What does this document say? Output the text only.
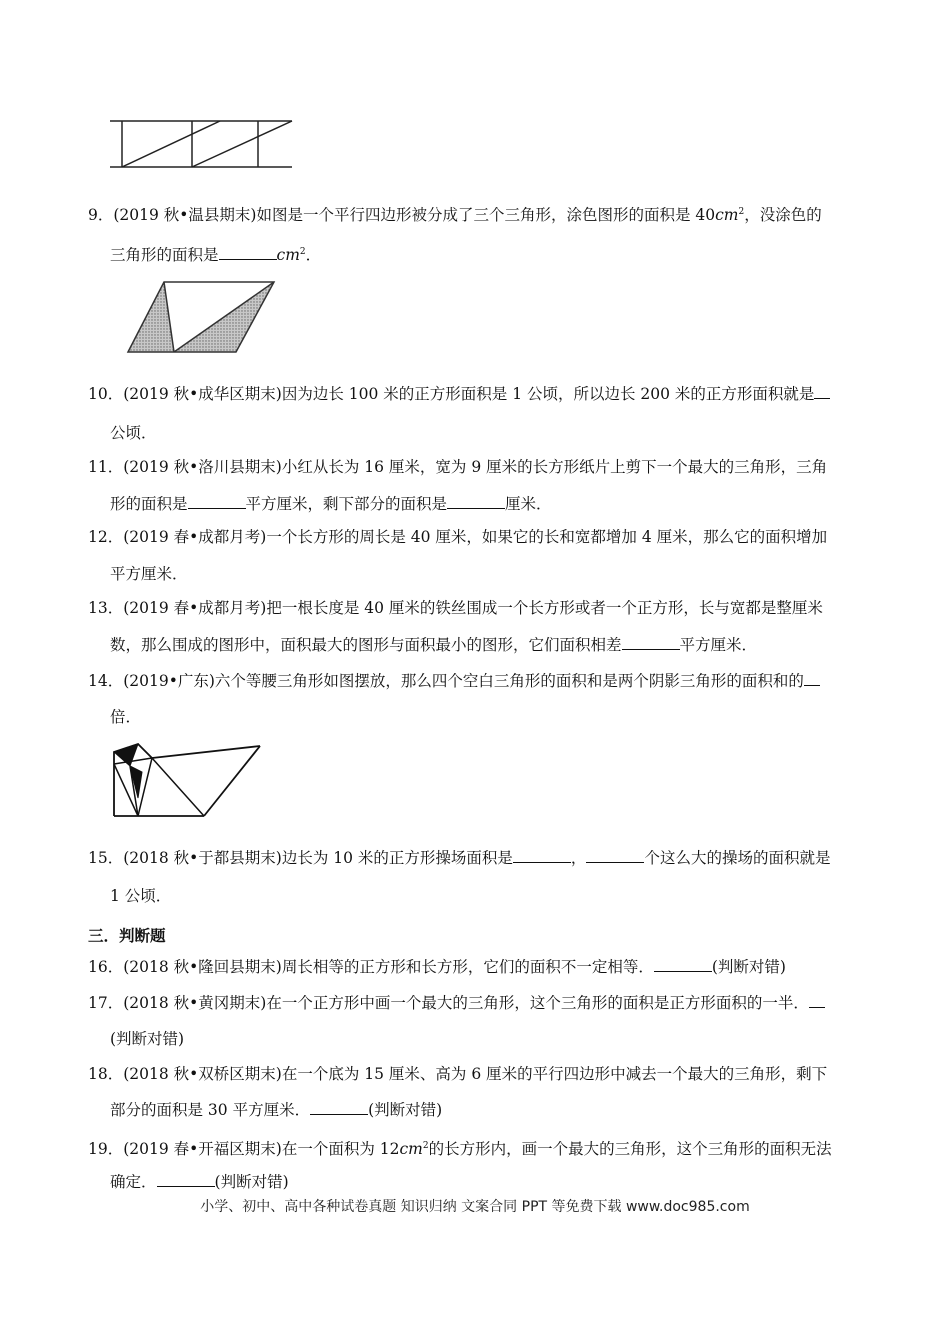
9．(2019 秋•温县期末)如图是一个平行四边形被分成了三个三角形，涂色图形的面积是 $40cm^2$，没涂色的
三角形的面积是	$cm^2$．
10．(2019 秋•成华区期末)因为边长 100 米的正方形面积是 1 公顷，所以边长 200 米的正方形面积就是
公顷．
11．(2019 秋•洛川县期末)小红从长为 16 厘米，宽为 9 厘米的长方形纸片上剪下一个最大的三角形，三角
形的面积是	平方厘米，剩下部分的面积是	厘米．
12．(2019 春•成都月考)一个长方形的周长是 40 厘米，如果它的长和宽都增加 4 厘米，那么它的面积增加
平方厘米．
13．(2019 春•成都月考)把一根长度是 40 厘米的铁丝围成一个长方形或者一个正方形，长与宽都是整厘米
数，那么围成的图形中，面积最大的图形与面积最小的图形，它们面积相差	平方厘米．
14．(2019•广东)六个等腰三角形如图摆放，那么四个空白三角形的面积和是两个阴影三角形的面积和的
倍．
15．(2018 秋•于都县期末)边长为 10 米的正方形操场面积是	，	个这么大的操场的面积就是
1 公顷．
三．判断题
16．(2018 秋•隆回县期末)周长相等的正方形和长方形，它们的面积不一定相等．	(判断对错)
17．(2018 秋•黄冈期末)在一个正方形中画一个最大的三角形，这个三角形的面积是正方形面积的一半．
(判断对错)
18．(2018 秋•双桥区期末)在一个底为 15 厘米、高为 6 厘米的平行四边形中减去一个最大的三角形，剩下
部分的面积是 30 平方厘米．	(判断对错)
19．(2019 春•开福区期末)在一个面积为 $12cm^2$的长方形内，画一个最大的三角形，这个三角形的面积无法
确定．	(判断对错)
小学、初中、高中各种试卷真题 知识归纳 文案合同 PPT 等免费下载 www.doc985.com
